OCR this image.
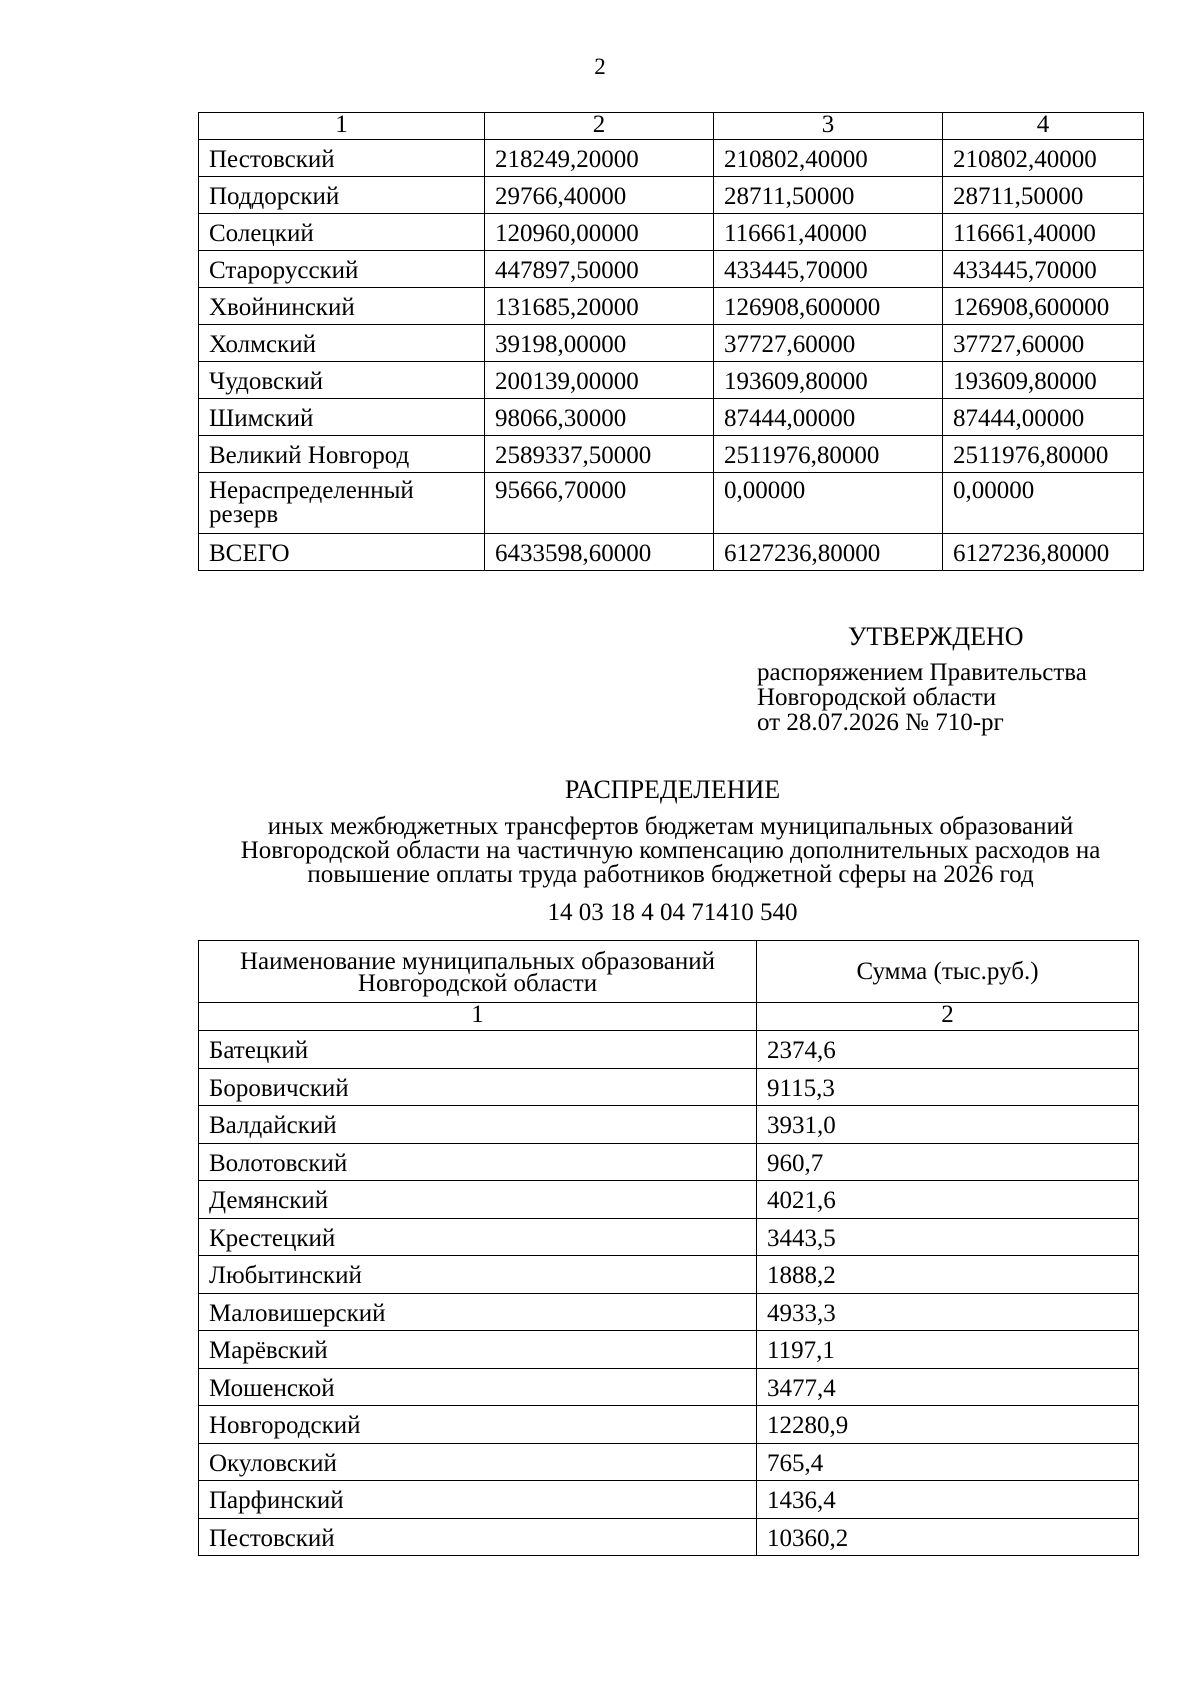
2
1	2	3	4
Пестовский	218249,20000	210802,40000	210802,40000
Поддорский	29766,40000	28711,50000	28711,50000
Солецкий	120960,00000	116661,40000	116661,40000
Старорусский	447897,50000	433445,70000	433445,70000
Хвойнинский	131685,20000	126908,600000	126908,600000
Холмский	39198,00000	37727,60000	37727,60000
Чудовский	200139,00000	193609,80000	193609,80000
Шимский	98066,30000	87444,00000	87444,00000
Великий Новгород	2589337,50000	2511976,80000	2511976,80000
Нераспределенный резерв	95666,70000	0,00000	0,00000
ВСЕГО	6433598,60000	6127236,80000	6127236,80000
УТВЕРЖДЕНО
распоряжением Правительства
Новгородской области
от 28.07.2026 № 710-рг
РАСПРЕДЕЛЕНИЕ
иных межбюджетных трансфертов бюджетам муниципальных образований
Новгородской области на частичную компенсацию дополнительных расходов на
повышение оплаты труда работников бюджетной сферы на 2026 год
14 03 18 4 04 71410 540
Наименование муниципальных образований Новгородской области	Сумма (тыс.руб.)
1	2
Батецкий	2374,6
Боровичский	9115,3
Валдайский	3931,0
Волотовский	960,7
Демянский	4021,6
Крестецкий	3443,5
Любытинский	1888,2
Маловишерский	4933,3
Марёвский	1197,1
Мошенской	3477,4
Новгородский	12280,9
Окуловский	765,4
Парфинский	1436,4
Пестовский	10360,2
